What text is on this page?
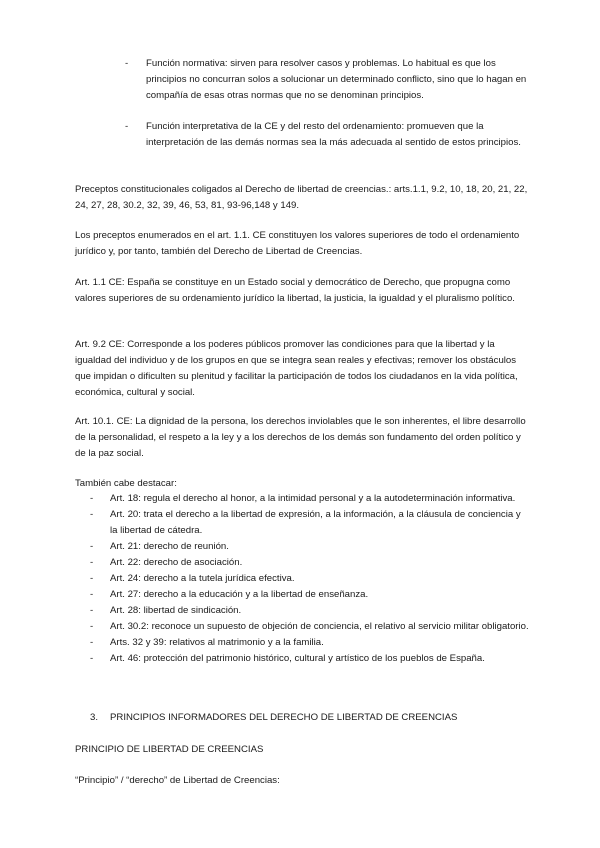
- Función normativa: sirven para resolver casos y problemas. Lo habitual es que los principios no concurran solos a solucionar un determinado conflicto, sino que lo hagan en compañía de esas otras normas que no se denominan principios.
- Función interpretativa de la CE y del resto del ordenamiento: promueven que la interpretación de las demás normas sea la más adecuada al sentido de estos principios.

Preceptos constitucionales coligados al Derecho de libertad de creencias.: arts.1.1, 9.2, 10, 18, 20, 21, 22, 24, 27, 28, 30.2, 32, 39, 46, 53, 81, 93-96,148 y 149.

Los preceptos enumerados en el art. 1.1. CE constituyen los valores superiores de todo el ordenamiento jurídico y, por tanto, también del Derecho de Libertad de Creencias.

Art. 1.1 CE: España se constituye en un Estado social y democrático de Derecho, que propugna como valores superiores de su ordenamiento jurídico la libertad, la justicia, la igualdad y el pluralismo político.

Art. 9.2 CE: Corresponde a los poderes públicos promover las condiciones para que la libertad y la igualdad del individuo y de los grupos en que se integra sean reales y efectivas; remover los obstáculos que impidan o dificulten su plenitud y facilitar la participación de todos los ciudadanos en la vida política, económica, cultural y social.

Art. 10.1. CE: La dignidad de la persona, los derechos inviolables que le son inherentes, el libre desarrollo de la personalidad, el respeto a la ley y a los derechos de los demás son fundamento del orden político y de la paz social.

También cabe destacar:

- Art. 18: regula el derecho al honor, a la intimidad personal y a la autodeterminación informativa.
- Art. 20: trata el derecho a la libertad de expresión, a la información, a la cláusula de conciencia y la libertad de cátedra.
- Art. 21: derecho de reunión.
- Art. 22: derecho de asociación.
- Art. 24: derecho a la tutela jurídica efectiva.
- Art. 27: derecho a la educación y a la libertad de enseñanza.
- Art. 28: libertad de sindicación.
- Art. 30.2: reconoce un supuesto de objeción de conciencia, el relativo al servicio militar obligatorio.
- Arts. 32 y 39: relativos al matrimonio y a la familia.
- Art. 46: protección del patrimonio histórico, cultural y artístico de los pueblos de España.
3. PRINCIPIOS INFORMADORES DEL DERECHO DE LIBERTAD DE CREENCIAS

PRINCIPIO DE LIBERTAD DE CREENCIAS

“Principio” / “derecho” de Libertad de Creencias:
